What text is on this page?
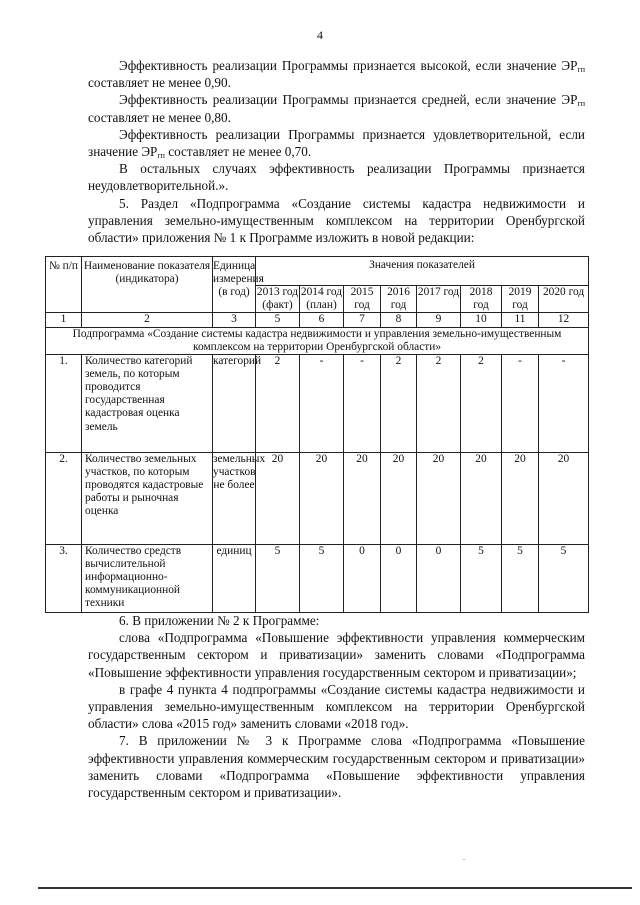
4

Эффективность реализации Программы признается высокой, если значение $ЭР_{гп}$ составляет не менее 0,90.

Эффективность реализации Программы признается средней, если значение $ЭР_{гп}$ составляет не менее 0,80.

Эффективность реализации Программы признается удовлетворительной, если значение $ЭР_{гп}$ составляет не менее 0,70.

В остальных случаях эффективность реализации Программы признается неудовлетворительной.».

5. Раздел «Подпрограмма «Создание системы кадастра недвижимости и управления земельно-имущественным комплексом на территории Оренбургской области» приложения № 1 к Программе изложить в новой редакции:

№ п/п	Наименование показателя (индикатора)	Единица измерения (в год)	Значения показателей							
			2013 год (факт)	2014 год (план)	2015 год	2016 год	2017 год	2018 год	2019 год	2020 год
1	2	3	5	6	7	8	9	10	11	12
Подпрограмма «Создание системы кадастра недвижимости и управления земельно-имущественным комплексом на территории Оренбургской области»										
1.	Количество категорий земель, по которым проводится государственная кадастровая оценка земель	категорий	2	-	-	2	2	2	-	-
2.	Количество земельных участков, по которым проводятся кадастровые работы и рыночная оценка	земельных участков не более	20	20	20	20	20	20	20	20
3.	Количество средств вычислительной информационно-коммуникационной техники	единиц	5	5	0	0	0	5	5	5

6. В приложении № 2 к Программе:

слова «Подпрограмма «Повышение эффективности управления коммерческим государственным сектором и приватизации» заменить словами «Подпрограмма «Повышение эффективности управления государственным сектором и приватизации»;

в графе 4 пункта 4 подпрограммы «Создание системы кадастра недвижимости и управления земельно-имущественным комплексом на территории Оренбургской области» слова «2015 год» заменить словами «2018 год».

7. В приложении № 3 к Программе слова «Подпрограмма «Повышение эффективности управления коммерческим государственным сектором и приватизации» заменить словами «Подпрограмма «Повышение эффективности управления государственным сектором и приватизации».

.
